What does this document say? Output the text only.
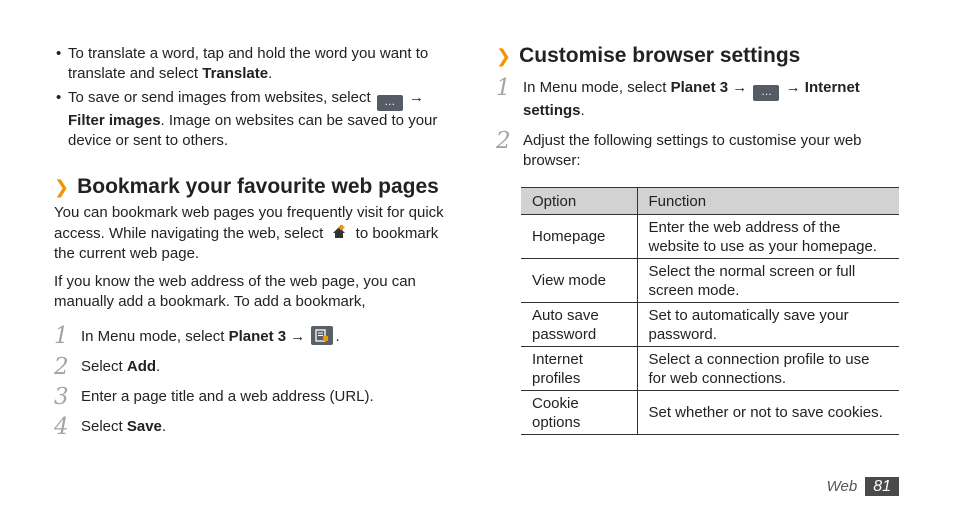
• To translate a word, tap and hold the word you want to translate and select Translate.
• To save or send images from websites, select … → Filter images. Image on websites can be saved to your device or sent to others.
❯ Bookmark your favourite web pages

You can bookmark web pages you frequently visit for quick access. While navigating the web, select
to bookmark the current web page.

If you know the web address of the web page, you can manually add a bookmark. To add a bookmark,

1 In Menu mode, select Planet 3 →
.
2 Select Add.
3 Enter a page title and a web address (URL).
4 Select Save.
❯ Customise browser settings
1 In Menu mode, select Planet 3 → … → Internet settings.
2 Adjust the following settings to customise your web browser:
Option	Function
Homepage	Enter the web address of the website to use as your homepage.
View mode	Select the normal screen or full screen mode.
Auto save password	Set to automatically save your password.
Internet profiles	Select a connection profile to use for web connections.
Cookie options	Set whether or not to save cookies.
Web	81
